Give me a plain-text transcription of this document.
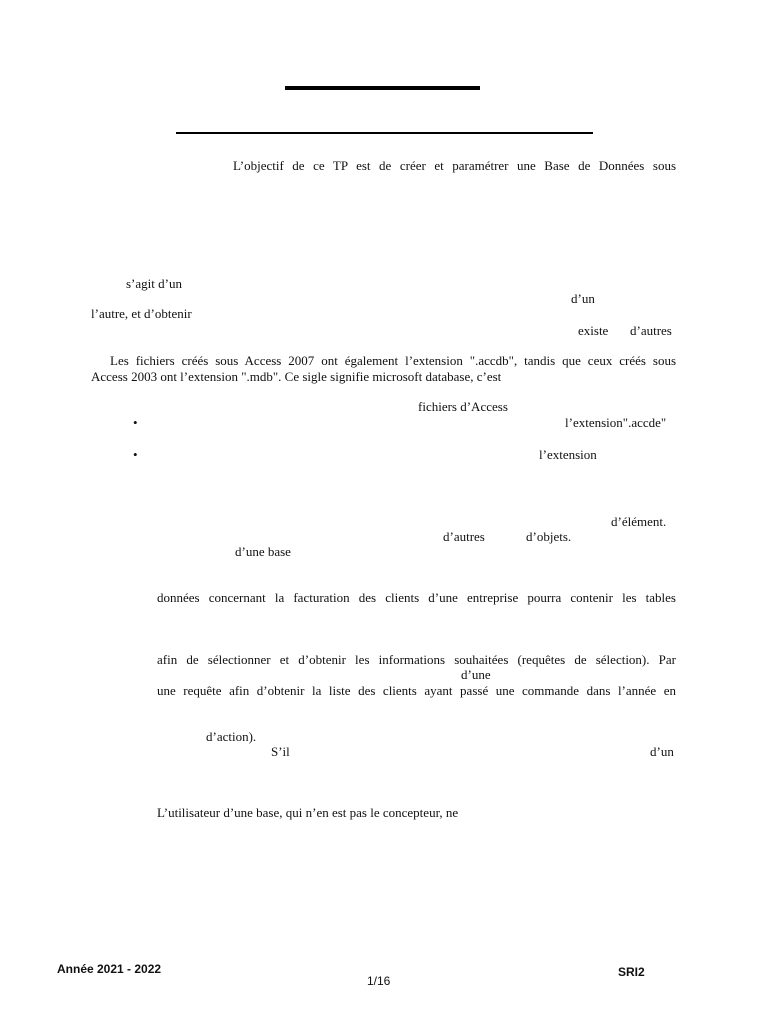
L’objectif de ce TP est de créer et paramétrer une Base de Données sous
s’agit d’un
d’un
l’autre, et d’obtenir
existe d’autres
Les fichiers créés sous Access 2007 ont également l’extension ".accdb", tandis que ceux créés sous
Access 2003 ont l’extension ".mdb". Ce sigle signifie microsoft database, c’est
fichiers d’Access
•	l’extension".accde"
•	l’extension
d’élément.
d’autres	d’objets.
d’une base
données concernant la facturation des clients d’une entreprise pourra contenir les tables
afin de sélectionner et d’obtenir les informations souhaitées (requêtes de sélection). Par
d’une
une requête afin d’obtenir la liste des clients ayant passé une commande dans l’année en
d’action).
S’il	d’un
L’utilisateur d’une base, qui n’en est pas le concepteur, ne
Année 2021 - 2022
1/16
SRI2
